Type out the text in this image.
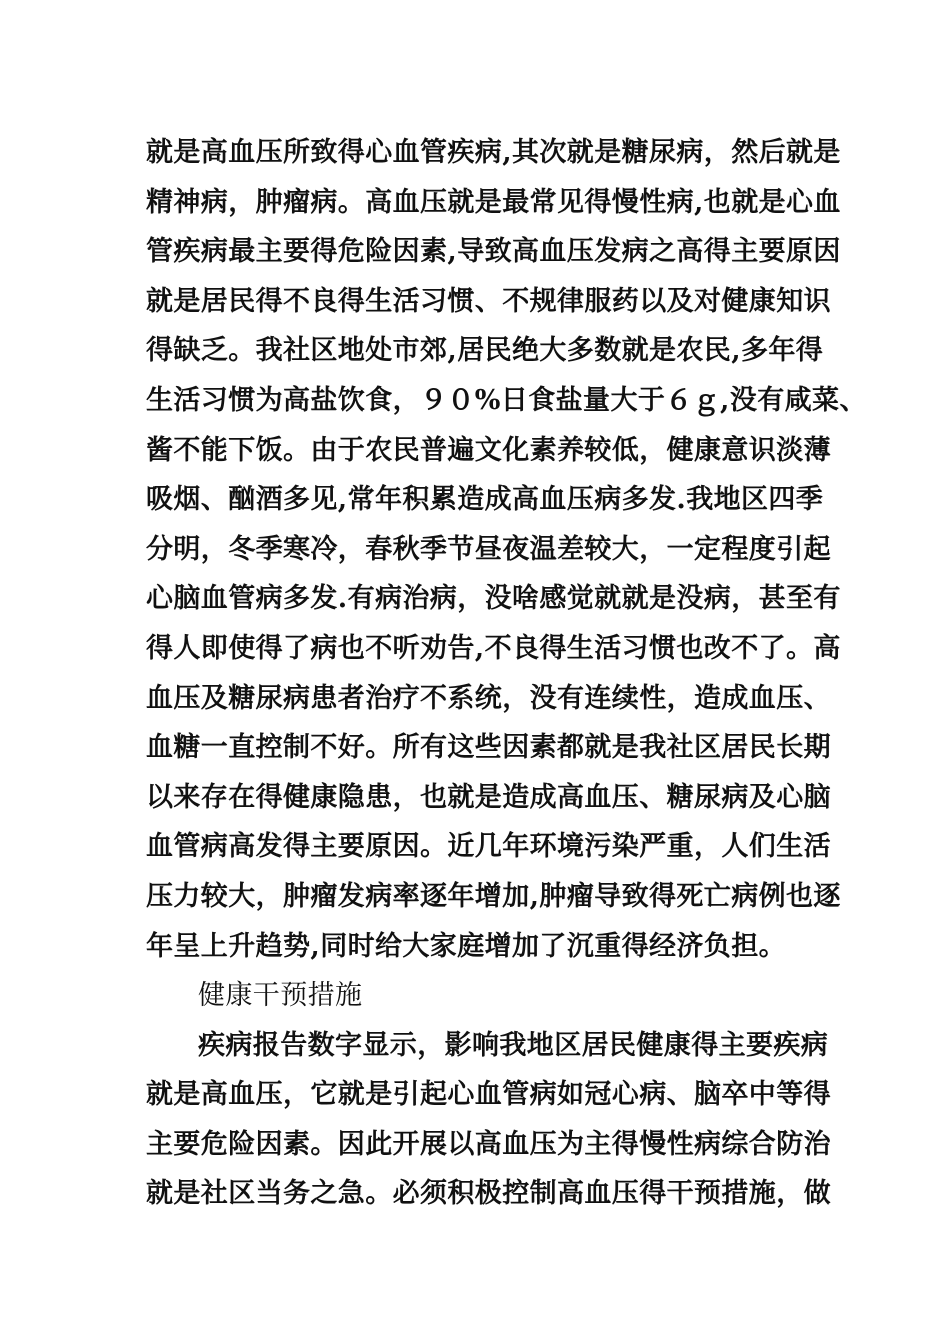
就是高血压所致得心血管疾病,其次就是糖尿病，然后就是
精神病，肿瘤病。高血压就是最常见得慢性病,也就是心血
管疾病最主要得危险因素,导致高血压发病之高得主要原因
就是居民得不良得生活习惯、不规律服药以及对健康知识
得缺乏。我社区地处市郊,居民绝大多数就是农民,多年得
生活习惯为高盐饮食，９０%日食盐量大于６ｇ,没有咸菜、
酱不能下饭。由于农民普遍文化素养较低，健康意识淡薄
吸烟、酗酒多见,常年积累造成高血压病多发.我地区四季
分明，冬季寒冷，春秋季节昼夜温差较大，一定程度引起
心脑血管病多发.有病治病，没啥感觉就就是没病，甚至有
得人即使得了病也不听劝告,不良得生活习惯也改不了。高
血压及糖尿病患者治疗不系统，没有连续性，造成血压、
血糖一直控制不好。所有这些因素都就是我社区居民长期
以来存在得健康隐患，也就是造成高血压、糖尿病及心脑
血管病高发得主要原因。近几年环境污染严重，人们生活
压力较大，肿瘤发病率逐年增加,肿瘤导致得死亡病例也逐
年呈上升趋势,同时给大家庭增加了沉重得经济负担。
健康干预措施
疾病报告数字显示，影响我地区居民健康得主要疾病
就是高血压，它就是引起心血管病如冠心病、脑卒中等得
主要危险因素。因此开展以高血压为主得慢性病综合防治
就是社区当务之急。必须积极控制高血压得干预措施，做
